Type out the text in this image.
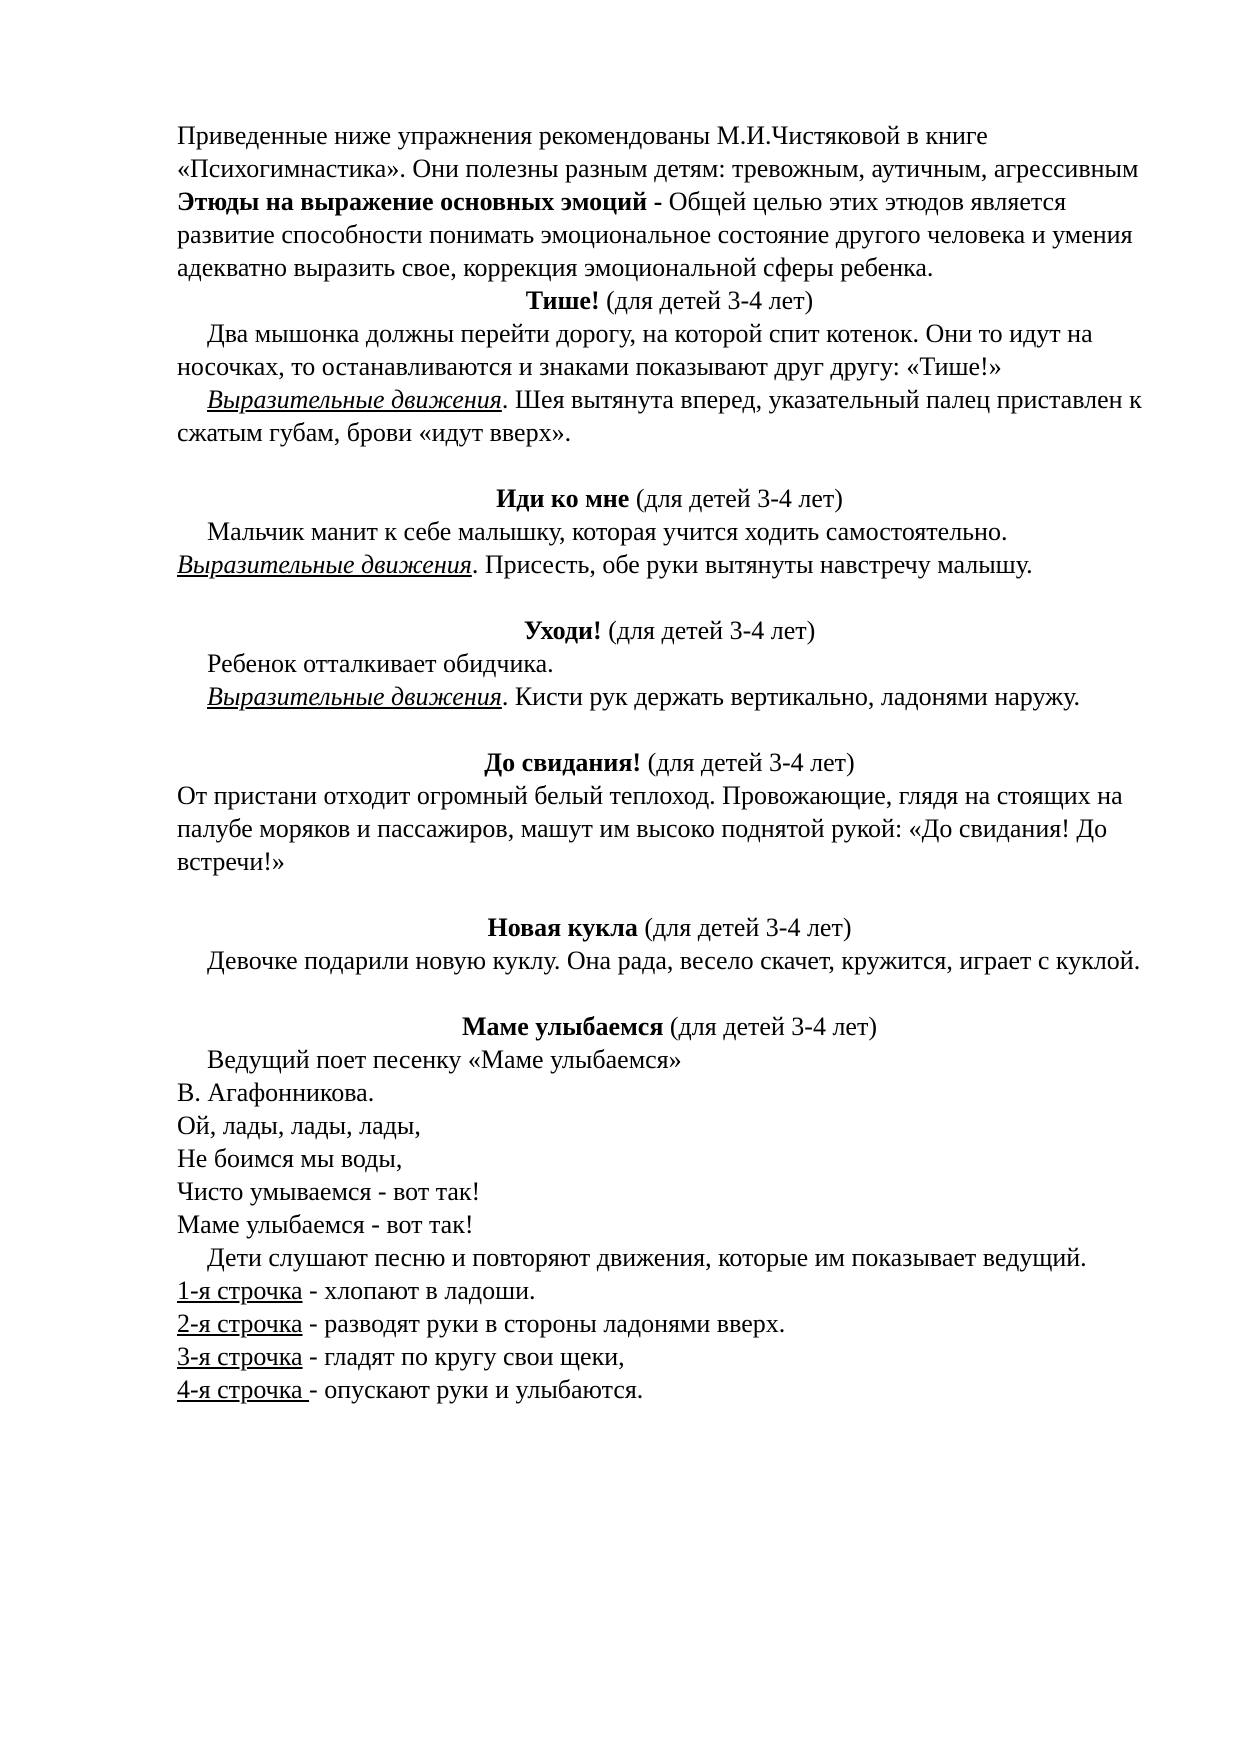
Приведенные ниже упражнения рекомендованы М.И.Чистяковой в книге «Психогимнастика». Они полезны разным детям: тревожным, аутичным, агрессивным

Этюды на выражение основных эмоций - Общей целью этих этюдов является развитие способности понимать эмоциональное состояние другого человека и умения адекватно выразить свое, коррекция эмоциональной сферы ребенка.

Тише! (для детей 3-4 лет)

Два мышонка должны перейти дорогу, на которой спит котенок. Они то идут на носочках, то останавливаются и знаками показывают друг другу: «Тише!»

Выразительные движения. Шея вытянута вперед, указательный палец приставлен к сжатым губам, брови «идут вверх».

Иди ко мне (для детей 3-4 лет)

Мальчик манит к себе малышку, которая учится ходить самостоятельно.

Выразительные движения. Присесть, обе руки вытянуты навстречу малышу.

Уходи! (для детей 3-4 лет)

Ребенок отталкивает обидчика.

Выразительные движения. Кисти рук держать вертикально, ладонями наружу.

До свидания! (для детей 3-4 лет)

От пристани отходит огромный белый теплоход. Провожающие, глядя на стоящих на палубе моряков и пассажиров, машут им высоко поднятой рукой: «До свидания! До встречи!»

Новая кукла (для детей 3-4 лет)

Девочке подарили новую куклу. Она рада, весело скачет, кружится, играет с куклой.

Маме улыбаемся (для детей 3-4 лет)

Ведущий поет песенку «Маме улыбаемся»

В. Агафонникова.

Ой, лады, лады, лады,

Не боимся мы воды,

Чисто умываемся - вот так!

Маме улыбаемся - вот так!

Дети слушают песню и повторяют движения, которые им показывает ведущий.

1-я строчка - хлопают в ладоши.

2-я строчка - разводят руки в стороны ладонями вверх.

3-я строчка - гладят по кругу свои щеки,

4-я строчка - опускают руки и улыбаются.
